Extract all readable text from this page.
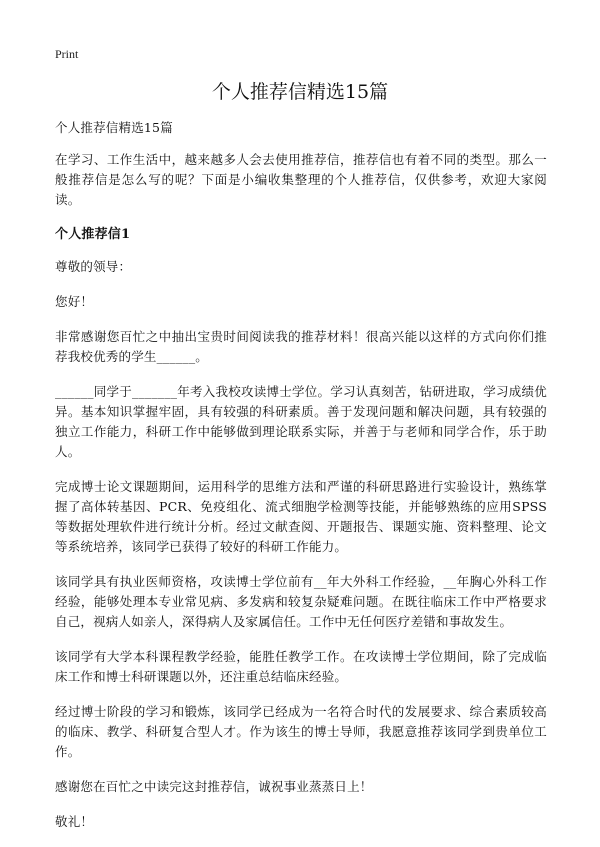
Print
个人推荐信精选15篇

个人推荐信精选15篇

在学习、工作生活中，越来越多人会去使用推荐信，推荐信也有着不同的类型。那么一般推荐信是怎么写的呢？下面是小编收集整理的个人推荐信，仅供参考，欢迎大家阅读。

个人推荐信1

尊敬的领导：

您好！

非常感谢您百忙之中抽出宝贵时间阅读我的推荐材料！很高兴能以这样的方式向你们推荐我校优秀的学生______。

______同学于_______年考入我校攻读博士学位。学习认真刻苦，钻研进取，学习成绩优异。基本知识掌握牢固，具有较强的科研素质。善于发现问题和解决问题，具有较强的独立工作能力，科研工作中能够做到理论联系实际，并善于与老师和同学合作，乐于助人。

完成博士论文课题期间，运用科学的思维方法和严谨的科研思路进行实验设计，熟练掌握了高体转基因、PCR、免疫组化、流式细胞学检测等技能，并能够熟练的应用SPSS等数据处理软件进行统计分析。经过文献查阅、开题报告、课题实施、资料整理、论文等系统培养，该同学已获得了较好的科研工作能力。

该同学具有执业医师资格，攻读博士学位前有__年大外科工作经验，__年胸心外科工作经验，能够处理本专业常见病、多发病和较复杂疑难问题。在既往临床工作中严格要求自己，视病人如亲人，深得病人及家属信任。工作中无任何医疗差错和事故发生。

该同学有大学本科课程教学经验，能胜任教学工作。在攻读博士学位期间，除了完成临床工作和博士科研课题以外，还注重总结临床经验。

经过博士阶段的学习和锻炼，该同学已经成为一名符合时代的发展要求、综合素质较高的临床、教学、科研复合型人才。作为该生的博士导师，我愿意推荐该同学到贵单位工作。

感谢您在百忙之中读完这封推荐信，诚祝事业蒸蒸日上！

敬礼！
